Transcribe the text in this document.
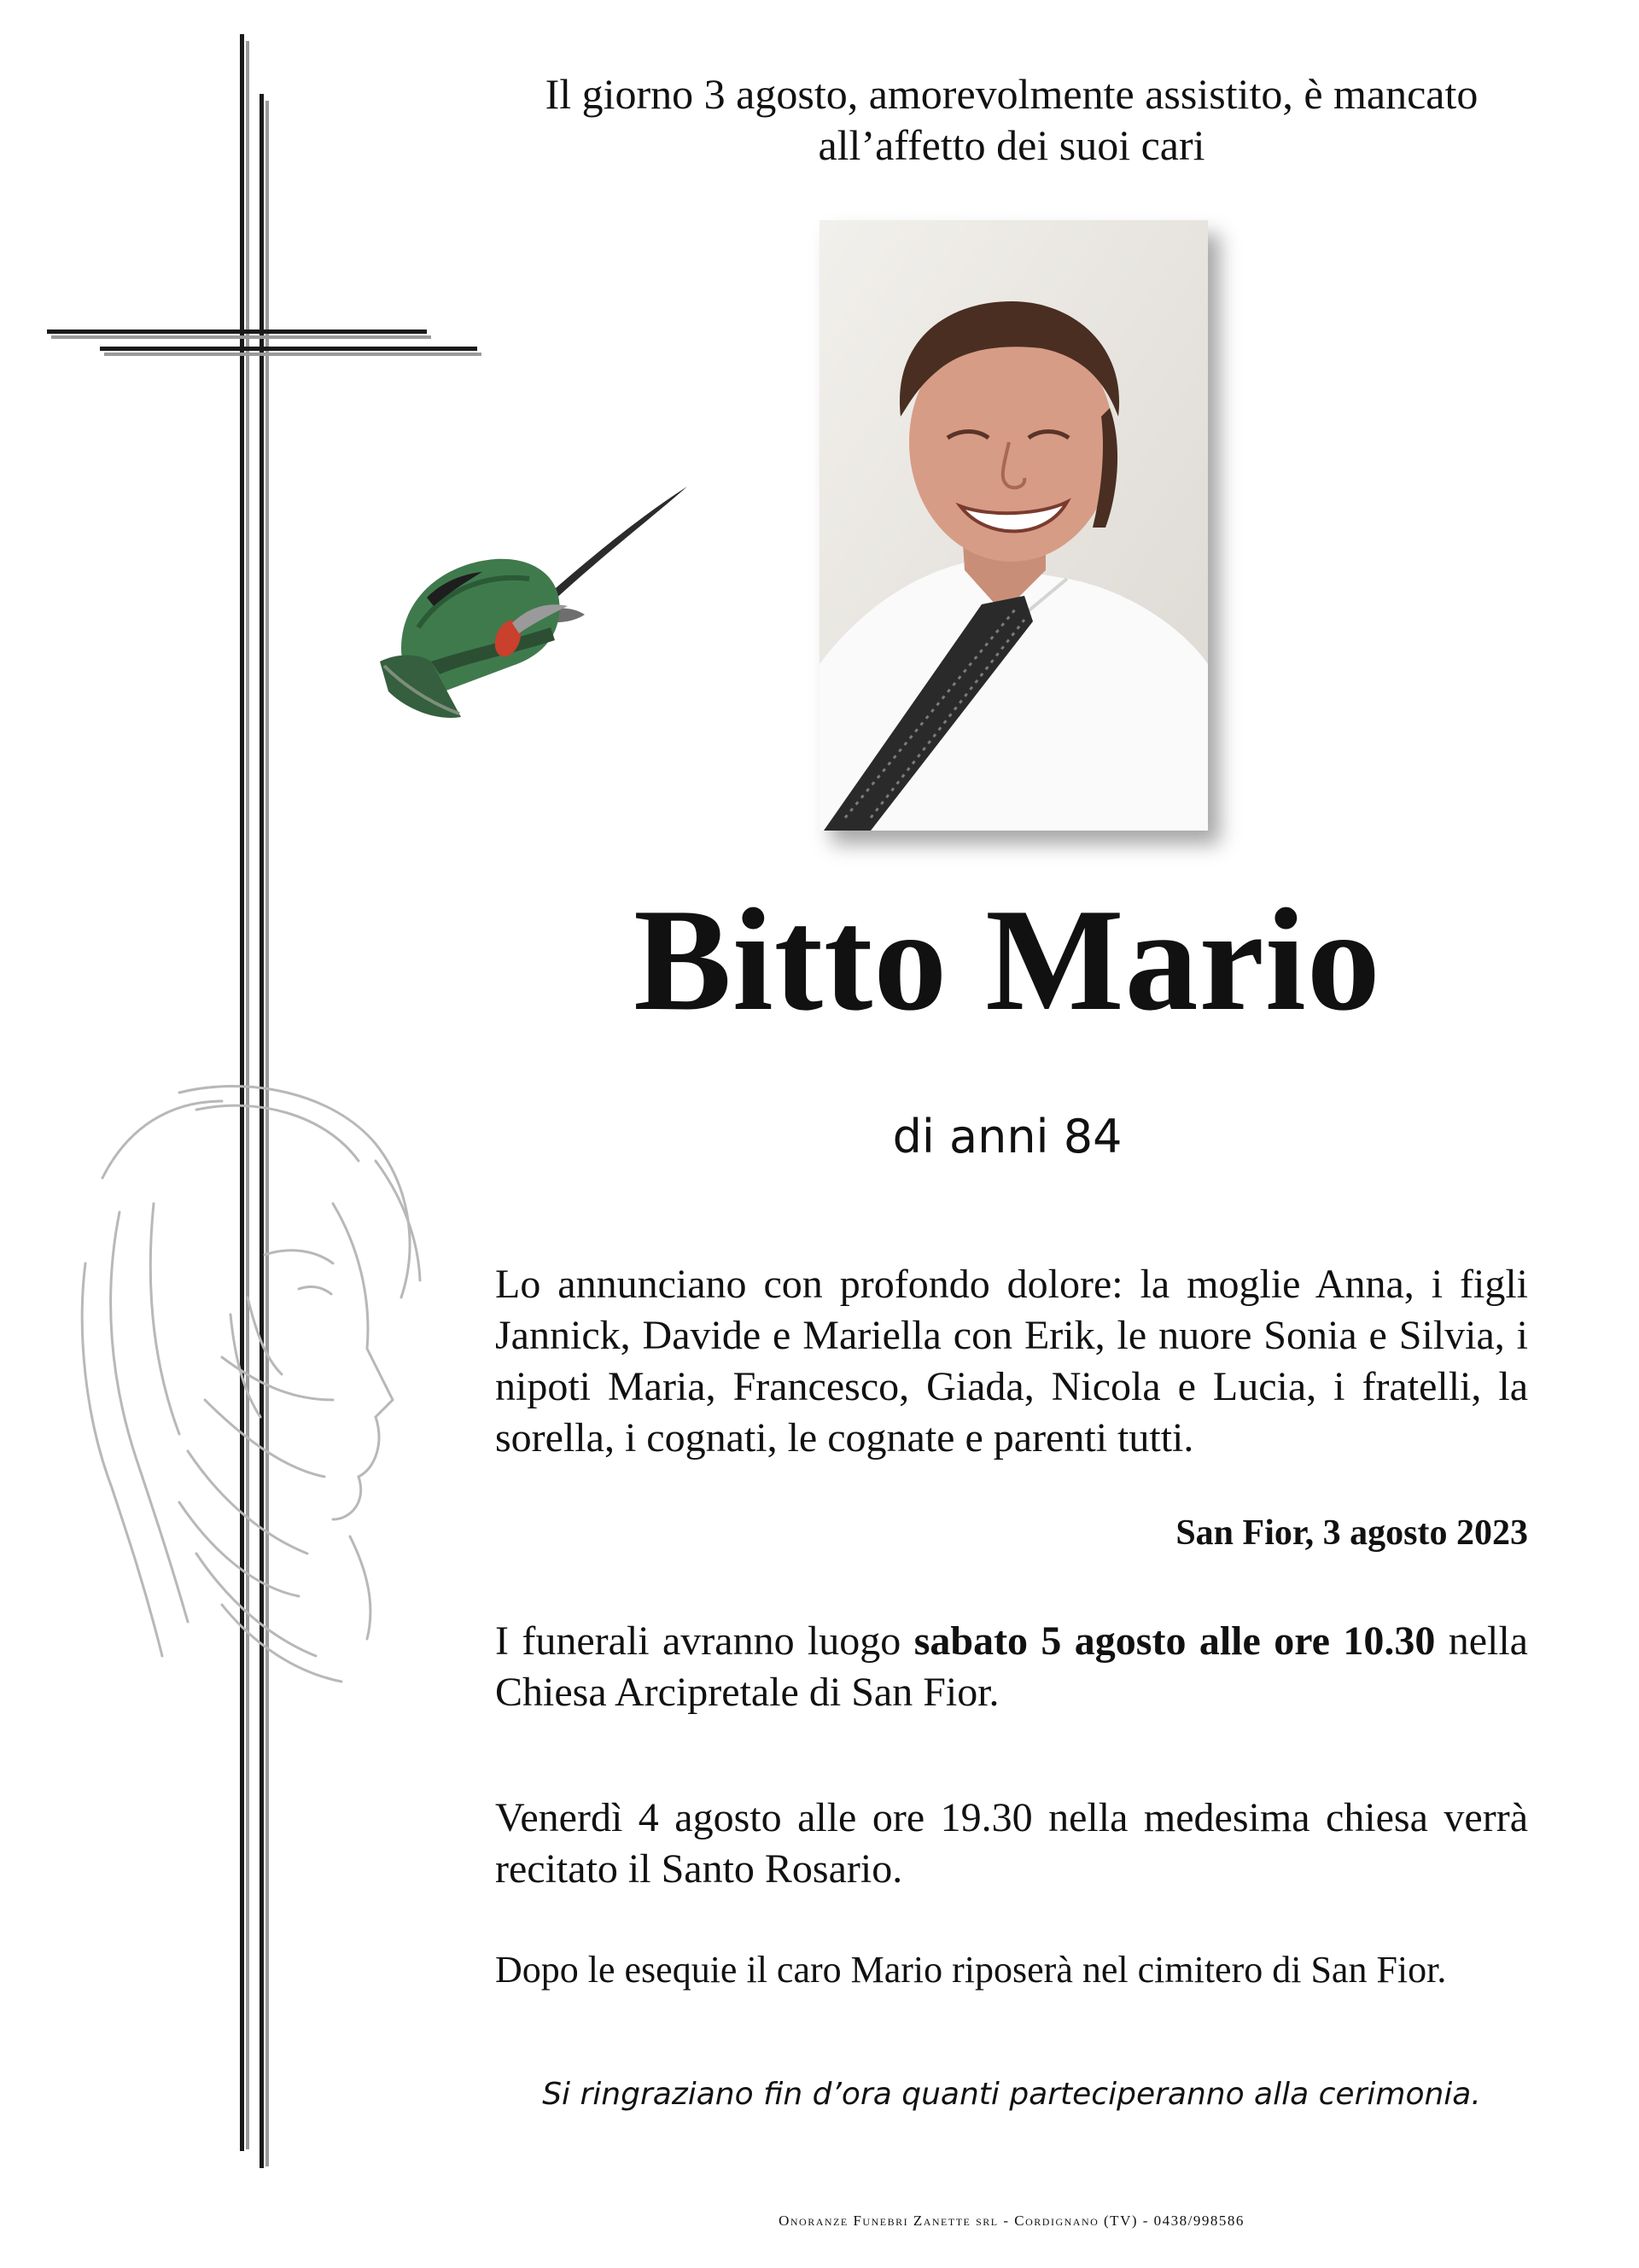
Il giorno 3 agosto, amorevolmente assistito, è mancato
all’affetto dei suoi cari
Bitto Mario
di anni 84
Lo annunciano con profondo dolore: la moglie Anna, i figli Jannick, Davide e Mariella con Erik, le nuore Sonia e Silvia, i nipoti Maria, Francesco, Giada, Nicola e Lucia, i fratelli, la sorella, i cognati, le cognate e parenti tutti.
San Fior, 3 agosto 2023
I funerali avranno luogo sabato 5 agosto alle ore 10.30 nella Chiesa Arcipretale di San Fior.
Venerdì 4 agosto alle ore 19.30 nella medesima chiesa verrà recitato il Santo Rosario.
Dopo le esequie il caro Mario riposerà nel cimitero di San Fior.
Si ringraziano fin d’ora quanti parteciperanno alla cerimonia.
Onoranze Funebri Zanette srl - Cordignano (TV) - 0438/998586
